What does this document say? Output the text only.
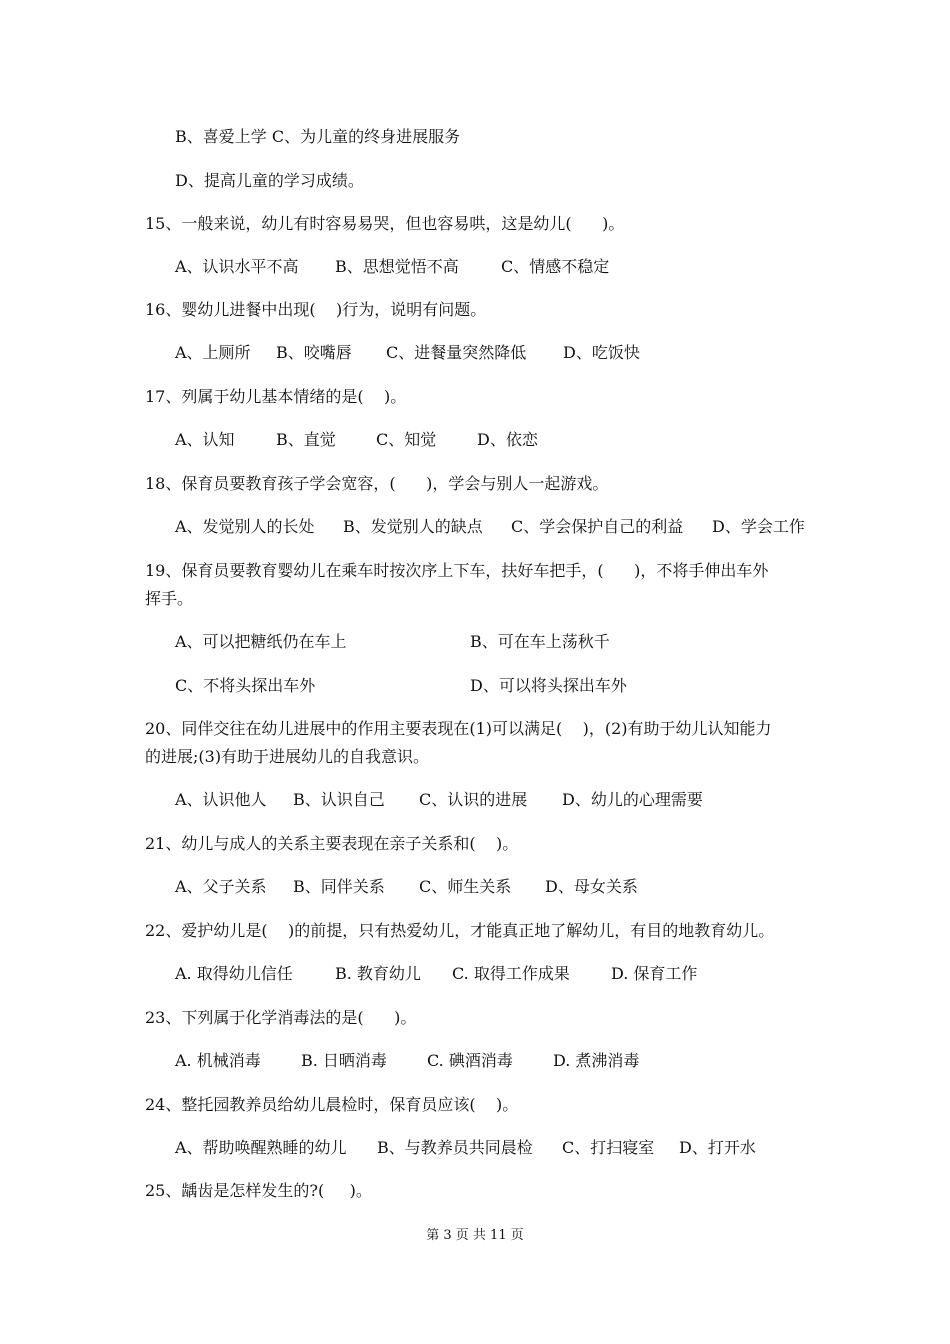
B、喜爱上学 C、为儿童的终身进展服务
D、提高儿童的学习成绩。
15、一般来说，幼儿有时容易易哭，但也容易哄，这是幼儿(      )。
A、认识水平不高	B、思想觉悟不高	C、情感不稳定
16、婴幼儿进餐中出现(    )行为，说明有问题。
A、上厕所	B、咬嘴唇	C、进餐量突然降低	D、吃饭快
17、列属于幼儿基本情绪的是(    )。
A、认知	B、直觉	C、知觉	D、依恋
18、保育员要教育孩子学会宽容，(      )，学会与别人一起游戏。
A、发觉别人的长处	B、发觉别人的缺点	C、学会保护自己的利益	D、学会工作
19、保育员要教育婴幼儿在乘车时按次序上下车，扶好车把手，(      )，不将手伸出车外
挥手。
A、可以把糖纸仍在车上	B、可在车上荡秋千
C、不将头探出车外	D、可以将头探出车外
20、同伴交往在幼儿进展中的作用主要表现在(1)可以满足(    )，(2)有助于幼儿认知能力
的进展;(3)有助于进展幼儿的自我意识。
A、认识他人	B、认识自己	C、认识的进展	D、幼儿的心理需要
21、幼儿与成人的关系主要表现在亲子关系和(    )。
A、父子关系	B、同伴关系	C、师生关系	D、母女关系
22、爱护幼儿是(    )的前提，只有热爱幼儿，才能真正地了解幼儿，有目的地教育幼儿。
A. 取得幼儿信任	B. 教育幼儿	C. 取得工作成果	D. 保育工作
23、下列属于化学消毒法的是(      )。
A. 机械消毒	B. 日晒消毒	C. 碘酒消毒	D. 煮沸消毒
24、整托园教养员给幼儿晨检时，保育员应该(    )。
A、帮助唤醒熟睡的幼儿	B、与教养员共同晨检	C、打扫寝室	D、打开水
25、龋齿是怎样发生的?(     )。
第 3 页 共 11 页
